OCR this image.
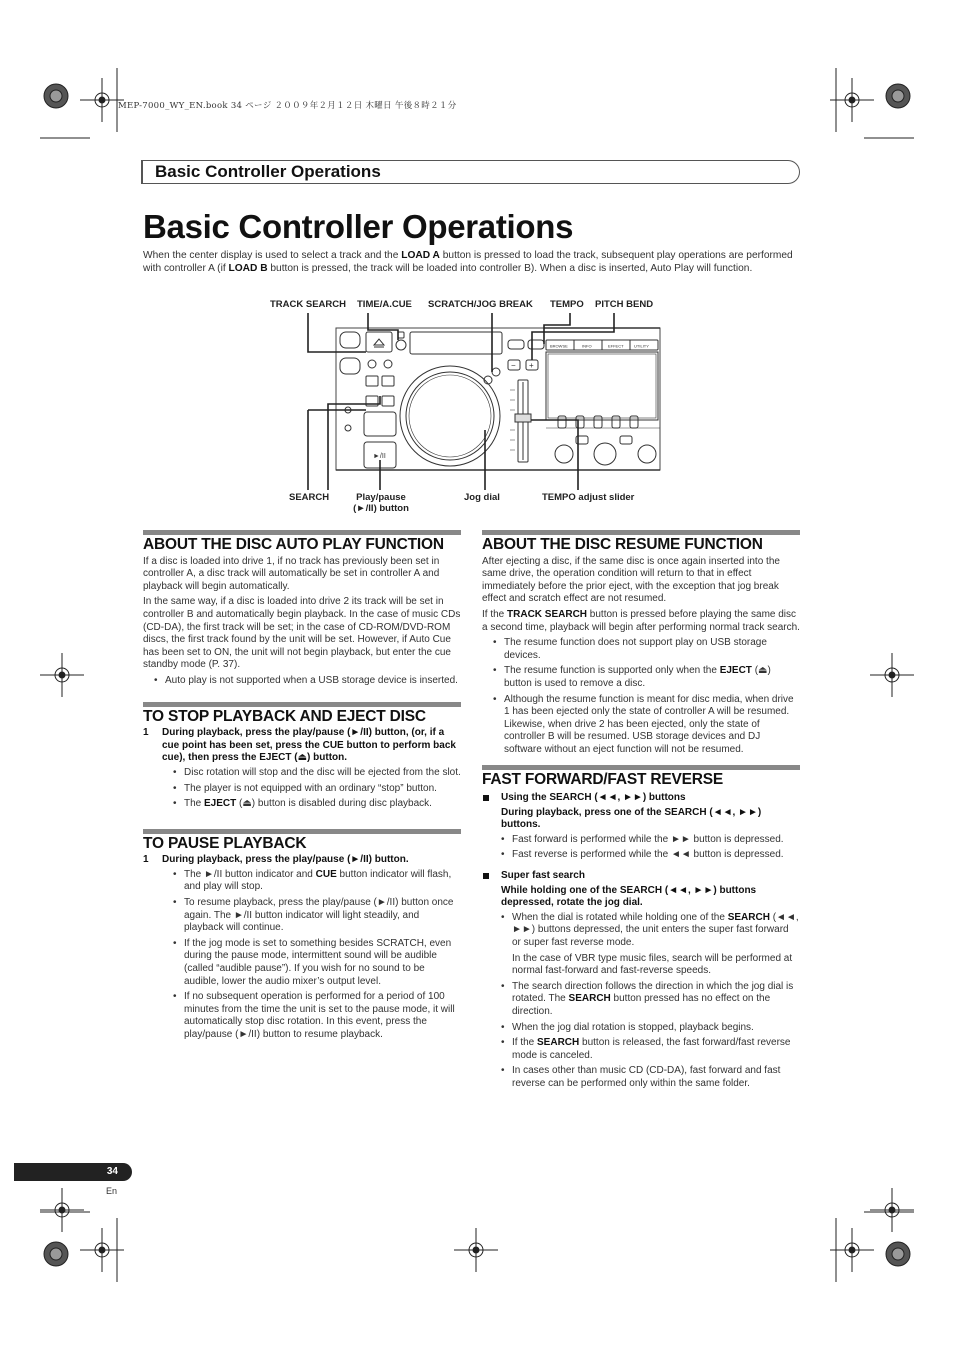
MEP-7000_WY_EN.book 34 ページ ２００９年２月１２日 木曜日 午後８時２１分
Basic Controller Operations
Basic Controller Operations
When the center display is used to select a track and the LOAD A button is pressed to load the track, subsequent play operations are performed with controller A (if LOAD B button is pressed, the track will be loaded into controller B). When a disc is inserted, Auto Play will function.
TRACK SEARCH TIME/A.CUE SCRATCH/JOG BREAK TEMPO PITCH BEND
SEARCH	Play/pause
(►/II) button
Jog dial	TEMPO adjust slider
►/II
− +
BROWSE	INFO	EFFECT	UTILITY
ABOUT THE DISC AUTO PLAY FUNCTION

If a disc is loaded into drive 1, if no track has previously been set in controller A, a disc track will automatically be set in controller A and playback will begin automatically.

In the same way, if a disc is loaded into drive 2 its track will be set in controller B and automatically begin playback. In the case of music CDs (CD-DA), the first track will be set; in the case of CD-ROM/DVD-ROM discs, the first track found by the unit will be set. However, if Auto Cue has been set to ON, the unit will not begin playback, but enter the cue standby mode (P. 37).

• Auto play is not supported when a USB storage device is inserted.
TO STOP PLAYBACK AND EJECT DISC
1 During playback, press the play/pause (►/II) button, (or, if a cue point has been set, press the CUE button to perform back cue), then press the EJECT (⏏) button.
• Disc rotation will stop and the disc will be ejected from the slot.
• The player is not equipped with an ordinary “stop” button.
• The EJECT (⏏) button is disabled during disc playback.
TO PAUSE PLAYBACK
1 During playback, press the play/pause (►/II) button.
• The ►/II button indicator and CUE button indicator will flash, and play will stop.
• To resume playback, press the play/pause (►/II) button once again. The ►/II button indicator will light steadily, and playback will continue.
• If the jog mode is set to something besides SCRATCH, even during the pause mode, intermittent sound will be audible (called “audible pause”). If you wish for no sound to be audible, lower the audio mixer’s output level.
• If no subsequent operation is performed for a period of 100 minutes from the time the unit is set to the pause mode, it will automatically stop disc rotation. In this event, press the play/pause (►/II) button to resume playback.
ABOUT THE DISC RESUME FUNCTION

After ejecting a disc, if the same disc is once again inserted into the same drive, the operation condition will return to that in effect immediately before the prior eject, with the exception that jog break effect and scratch effect are not resumed.

If the TRACK SEARCH button is pressed before playing the same disc a second time, playback will begin after performing normal track search.

• The resume function does not support play on USB storage devices.
• The resume function is supported only when the EJECT (⏏) button is used to remove a disc.
• Although the resume function is meant for disc media, when drive 1 has been ejected only the state of controller A will be resumed. Likewise, when drive 2 has been ejected, only the state of controller B will be resumed. USB storage devices and DJ software without an eject function will not be resumed.
FAST FORWARD/FAST REVERSE
Using the SEARCH (◄◄, ►►) buttons
During playback, press one of the SEARCH (◄◄, ►►) buttons.
• Fast forward is performed while the ►► button is depressed.
• Fast reverse is performed while the ◄◄ button is depressed.
Super fast search
While holding one of the SEARCH (◄◄, ►►) buttons depressed, rotate the jog dial.
• When the dial is rotated while holding one of the SEARCH (◄◄, ►►) buttons depressed, the unit enters the super fast forward or super fast reverse mode.
In the case of VBR type music files, search will be performed at normal fast-forward and fast-reverse speeds.
• The search direction follows the direction in which the jog dial is rotated. The SEARCH button pressed has no effect on the direction.
• When the jog dial rotation is stopped, playback begins.
• If the SEARCH button is released, the fast forward/fast reverse mode is canceled.
• In cases other than music CD (CD-DA), fast forward and fast reverse can be performed only within the same folder.
34
En
